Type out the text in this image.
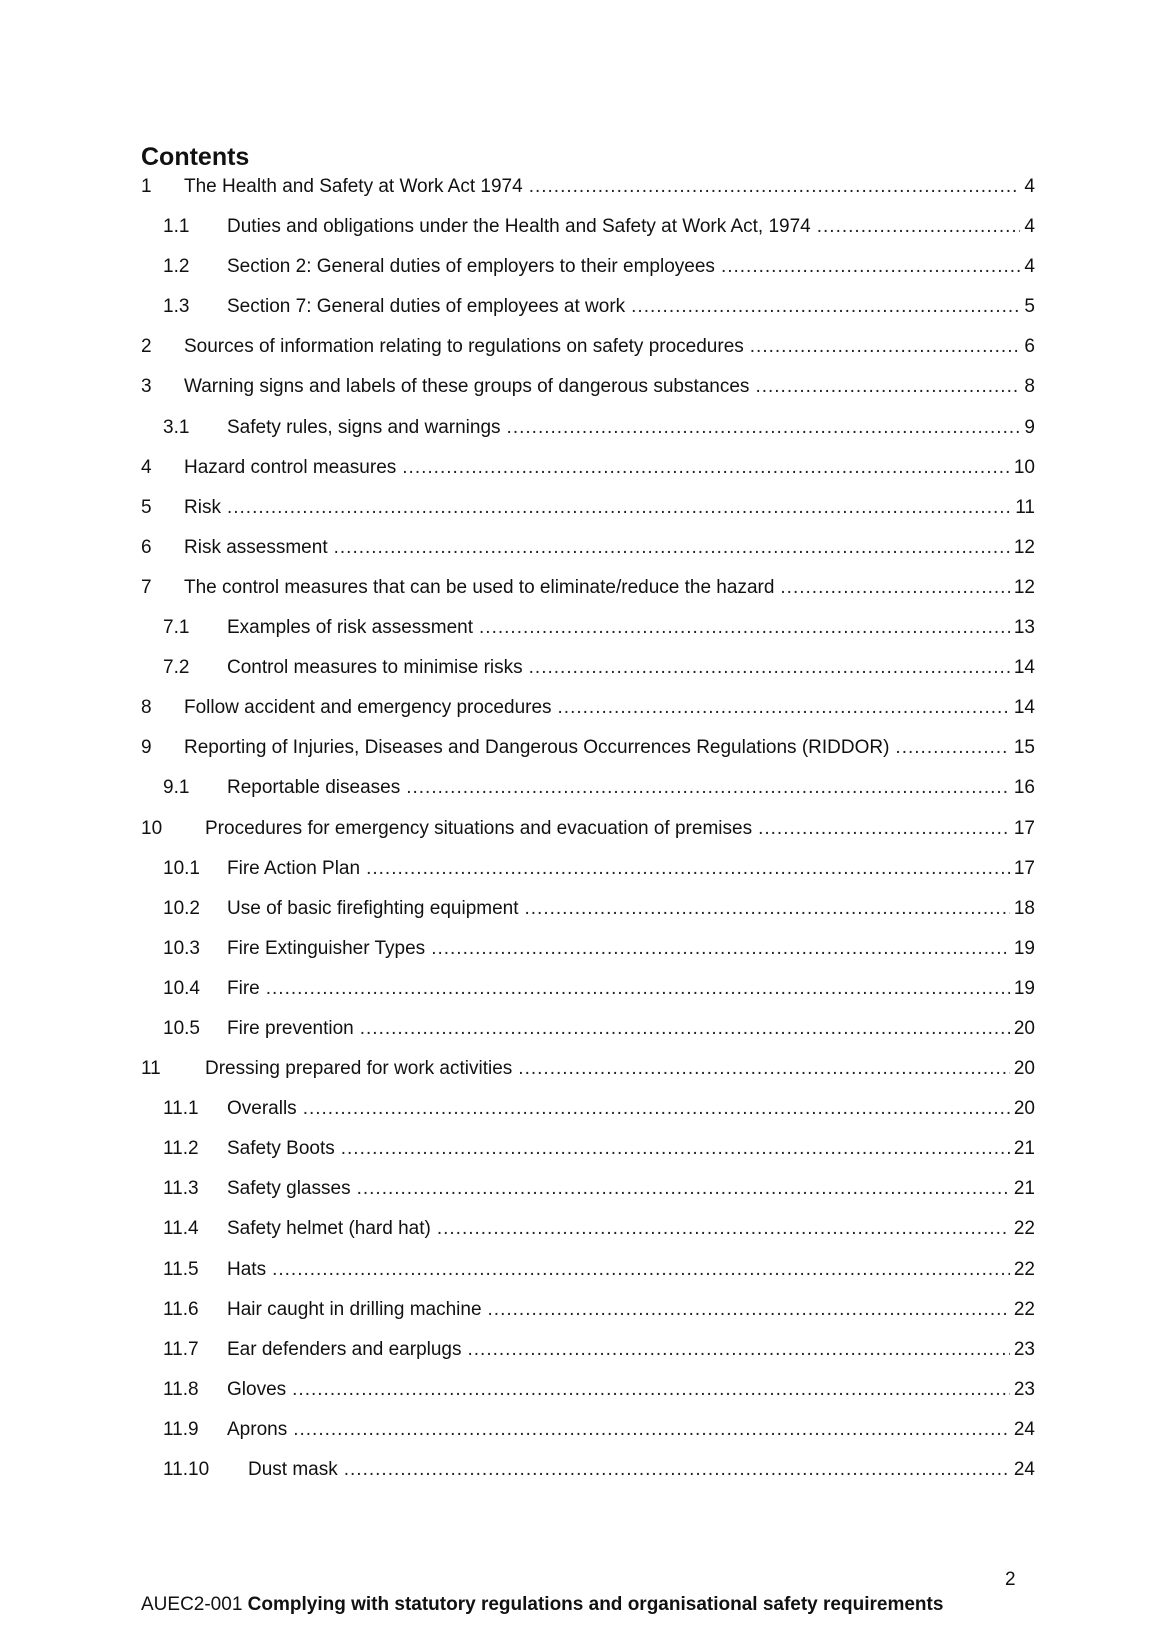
Contents
1	The Health and Safety at Work Act 1974 .....	4
1.1	Duties and obligations under the Health and Safety at Work Act, 1974 .....	4
1.2	Section 2: General duties of employers to their employees .....	4
1.3	Section 7: General duties of employees at work .....	5
2	Sources of information relating to regulations on safety procedures .....	6
3	Warning signs and labels of these groups of dangerous substances .....	8
3.1	Safety rules, signs and warnings .....	9
4	Hazard control measures .....	10
5	Risk .....	11
6	Risk assessment .....	12
7	The control measures that can be used to eliminate/reduce the hazard .....	12
7.1	Examples of risk assessment .....	13
7.2	Control measures to minimise risks .....	14
8	Follow accident and emergency procedures .....	14
9	Reporting of Injuries, Diseases and Dangerous Occurrences Regulations (RIDDOR) .....	15
9.1	Reportable diseases .....	16
10	Procedures for emergency situations and evacuation of premises .....	17
10.1	Fire Action Plan .....	17
10.2	Use of basic firefighting equipment .....	18
10.3	Fire Extinguisher Types .....	19
10.4	Fire .....	19
10.5	Fire prevention .....	20
11	Dressing prepared for work activities .....	20
11.1	Overalls .....	20
11.2	Safety Boots .....	21
11.3	Safety glasses .....	21
11.4	Safety helmet (hard hat) .....	22
11.5	Hats .....	22
11.6	Hair caught in drilling machine .....	22
11.7	Ear defenders and earplugs .....	23
11.8	Gloves .....	23
11.9	Aprons .....	24
11.10	Dust mask .....	24
2
AUEC2-001 Complying with statutory regulations and organisational safety requirements
